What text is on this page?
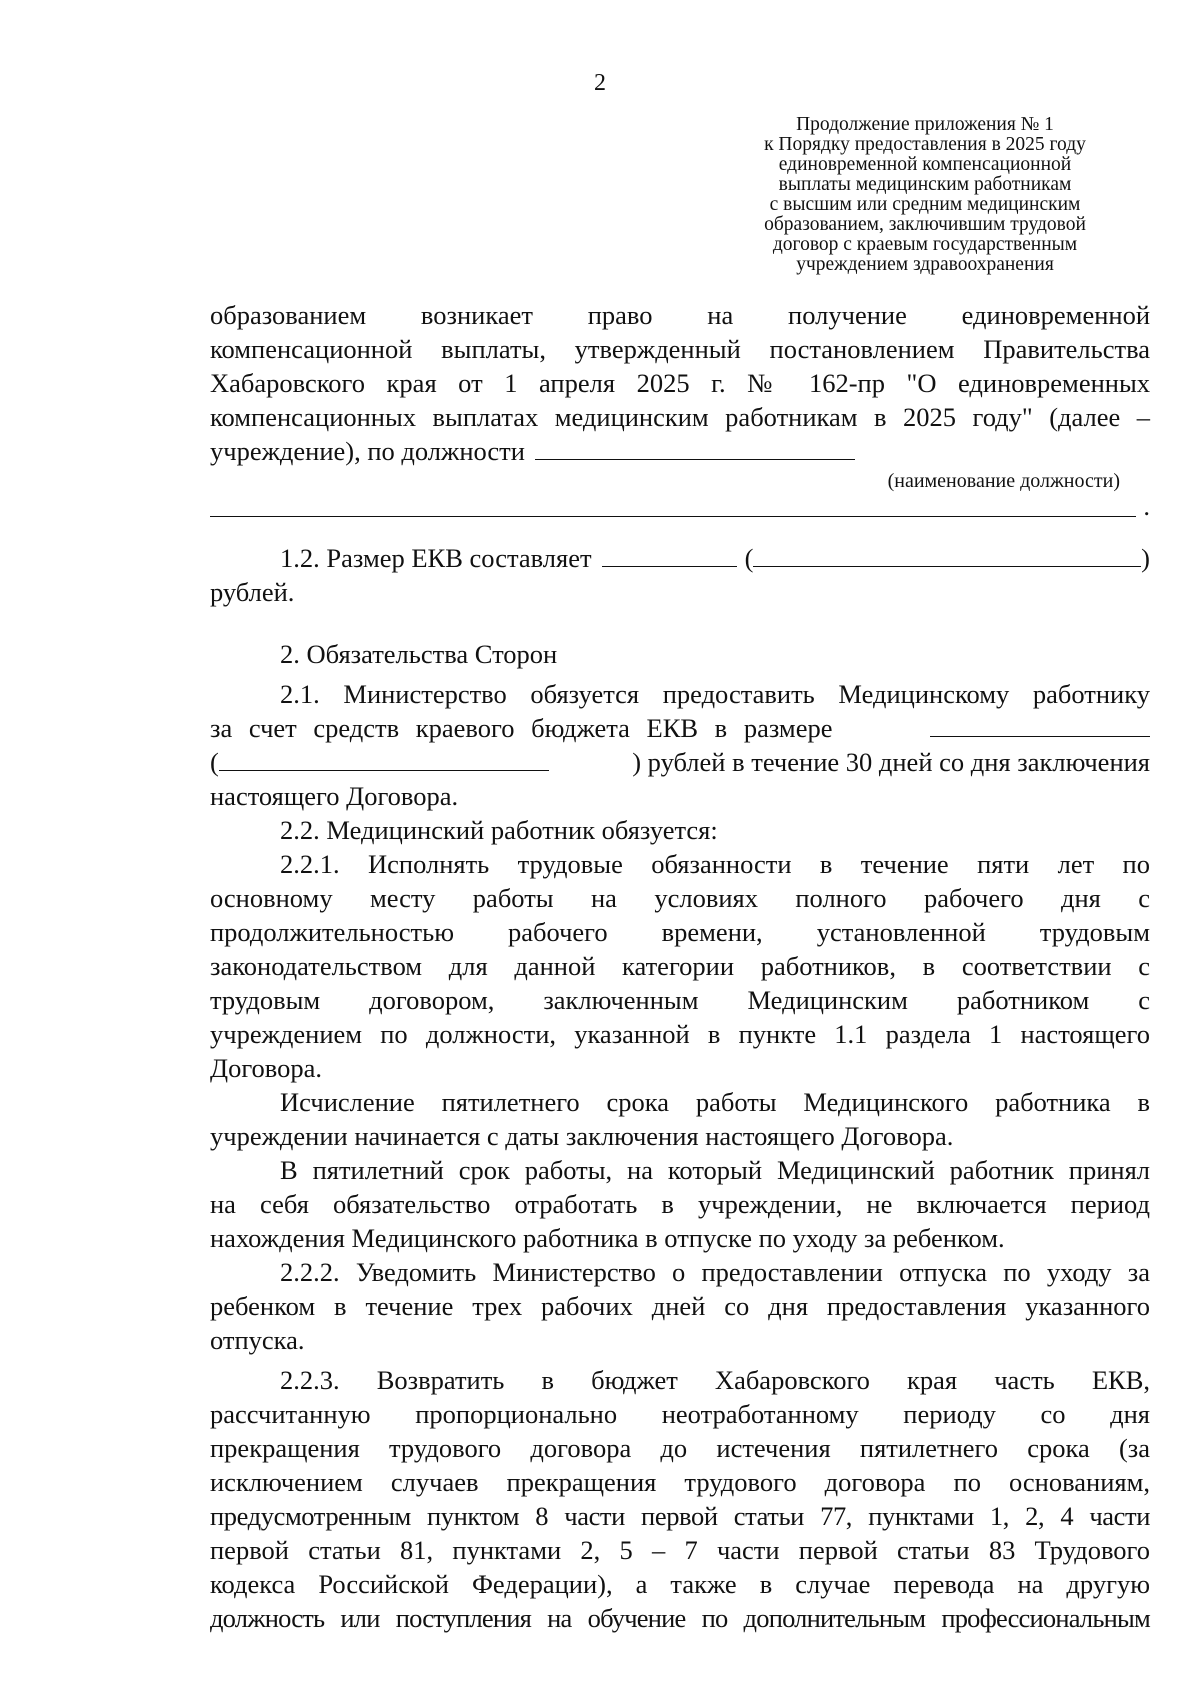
2
Продолжение приложения № 1
к Порядку предоставления в 2025 году
единовременной компенсационной
выплаты медицинским работникам
с высшим или средним медицинским
образованием, заключившим трудовой
договор с краевым государственным
учреждением здравоохранения
образованием возникает право на получение единовременной
компенсационной выплаты, утвержденный постановлением Правительства
Хабаровского края от 1 апреля 2025 г. № 162-пр "О единовременных
компенсационных выплатах медицинским работникам в 2025 году" (далее –
учреждение), по должности
(наименование должности)
.
1.2. Размер ЕКВ составляет	(	)
рублей.
2. Обязательства Сторон
2.1. Министерство обязуется предоставить Медицинскому работнику
за счет средств краевого бюджета ЕКВ в размере
(	) рублей в течение 30 дней со дня заключения
настоящего Договора.
2.2. Медицинский работник обязуется:
2.2.1. Исполнять трудовые обязанности в течение пяти лет по
основному месту работы на условиях полного рабочего дня с
продолжительностью рабочего времени, установленной трудовым
законодательством для данной категории работников, в соответствии с
трудовым договором, заключенным Медицинским работником с
учреждением по должности, указанной в пункте 1.1 раздела 1 настоящего
Договора.
Исчисление пятилетнего срока работы Медицинского работника в
учреждении начинается с даты заключения настоящего Договора.
В пятилетний срок работы, на который Медицинский работник принял
на себя обязательство отработать в учреждении, не включается период
нахождения Медицинского работника в отпуске по уходу за ребенком.
2.2.2. Уведомить Министерство о предоставлении отпуска по уходу за
ребенком в течение трех рабочих дней со дня предоставления указанного
отпуска.
2.2.3. Возвратить в бюджет Хабаровского края часть ЕКВ,
рассчитанную пропорционально неотработанному периоду со дня
прекращения трудового договора до истечения пятилетнего срока (за
исключением случаев прекращения трудового договора по основаниям,
предусмотренным пунктом 8 части первой статьи 77, пунктами 1, 2, 4 части
первой статьи 81, пунктами 2, 5 – 7 части первой статьи 83 Трудового
кодекса Российской Федерации), а также в случае перевода на другую
должность или поступления на обучение по дополнительным профессиональным
